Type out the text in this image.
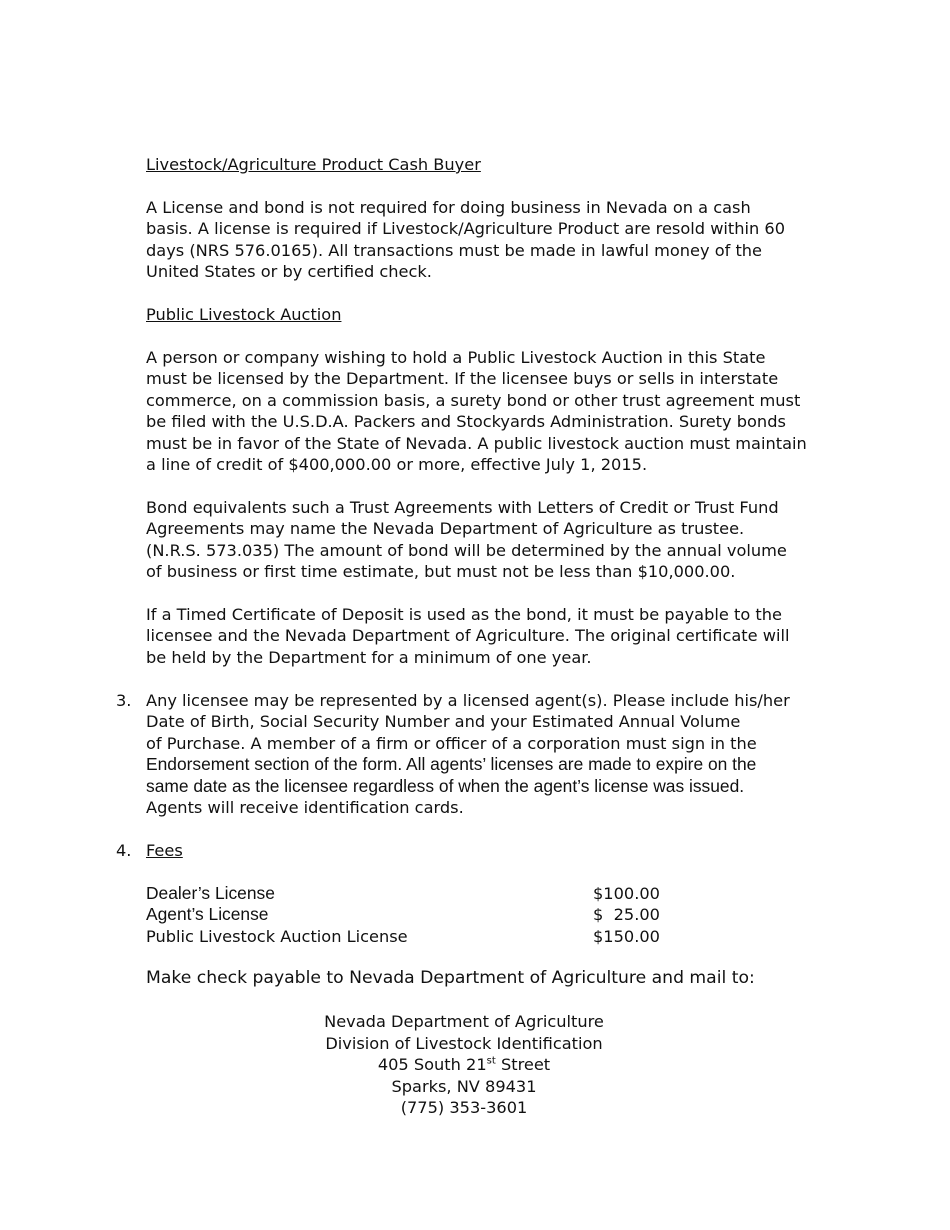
Livestock/Agriculture Product Cash Buyer
A License and bond is not required for doing business in Nevada on a cash
basis. A license is required if Livestock/Agriculture Product are resold within 60
days (NRS 576.0165). All transactions must be made in lawful money of the
United States or by certified check.
Public Livestock Auction
A person or company wishing to hold a Public Livestock Auction in this State
must be licensed by the Department. If the licensee buys or sells in interstate
commerce, on a commission basis, a surety bond or other trust agreement must
be filed with the U.S.D.A. Packers and Stockyards Administration. Surety bonds
must be in favor of the State of Nevada. A public livestock auction must maintain
a line of credit of $400,000.00 or more, effective July 1, 2015.
Bond equivalents such a Trust Agreements with Letters of Credit or Trust Fund
Agreements may name the Nevada Department of Agriculture as trustee.
(N.R.S. 573.035) The amount of bond will be determined by the annual volume
of business or first time estimate, but must not be less than $10,000.00.
If a Timed Certificate of Deposit is used as the bond, it must be payable to the
licensee and the Nevada Department of Agriculture. The original certificate will
be held by the Department for a minimum of one year.
3. Any licensee may be represented by a licensed agent(s). Please include his/her
Date of Birth, Social Security Number and your Estimated Annual Volume
of Purchase. A member of a firm or officer of a corporation must sign in the
Endorsement section of the form. All agents’ licenses are made to expire on the
same date as the licensee regardless of when the agent’s license was issued.
Agents will receive identification cards.
4. Fees
Dealer’s License	$100.00
Agent’s License	$  25.00
Public Livestock Auction License	$150.00
Make check payable to Nevada Department of Agriculture and mail to:
Nevada Department of Agriculture
Division of Livestock Identification
405 South 21st Street
Sparks, NV 89431
(775) 353-3601
